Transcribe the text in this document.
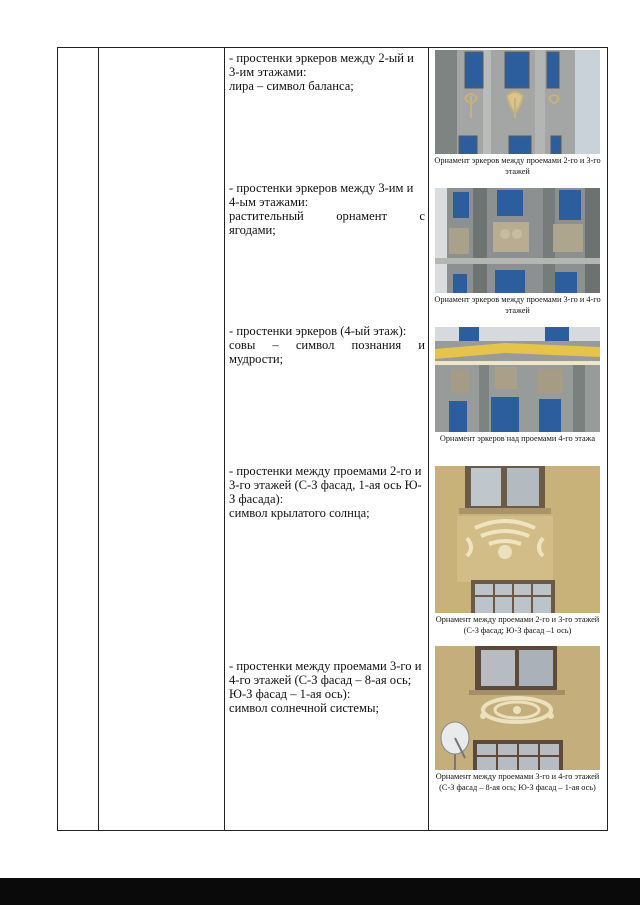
- простенки эркеров между 2-ый и 3-им этажами:

лира – символ баланса;

Орнамент эркеров между проемами 2-го и 3-го этажей

- простенки эркеров между 3-им и 4-ым этажами:

растительный	орнамент	с

ягодами;

Орнамент эркеров между проемами 3-го и 4-го этажей

- простенки эркеров (4-ый этаж):

совы – символ познания и

мудрости;

Орнамент эркеров над проемами 4-го этажа

- простенки между проемами 2-го и 3-го этажей (С-З фасад, 1-ая ось Ю-З фасада):

символ крылатого солнца;

Орнамент между проемами 2-го и 3-го этажей (С-З фасад; Ю-З фасад –1 ось)

- простенки между проемами 3-го и 4-го этажей (С-З фасад – 8-ая ось; Ю-З фасад – 1-ая ось):

символ солнечной системы;

Орнамент между проемами 3-го и 4-го этажей (С-З фасад – 8-ая ось; Ю-З фасад – 1-ая ось)
